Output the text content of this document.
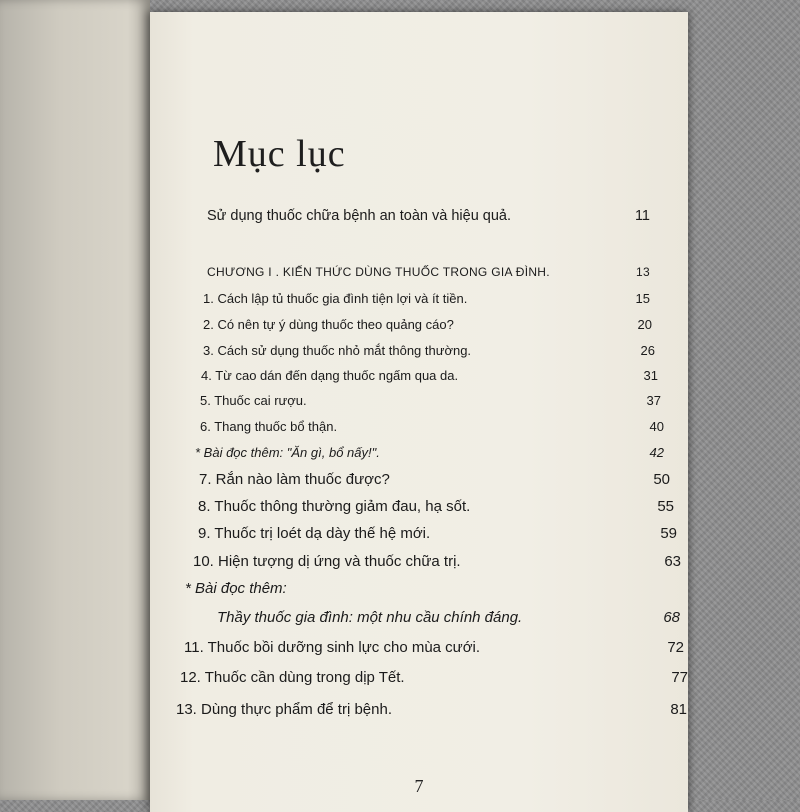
Mục lục
Sử dụng thuốc chữa bệnh an toàn và hiệu quả.	11
CHƯƠNG I . KIẾN THỨC DÙNG THUỐC TRONG GIA ĐÌNH.	13
1. Cách lập tủ thuốc gia đình tiện lợi và ít tiền.	15
2. Có nên tự ý dùng thuốc theo quảng cáo?	20
3. Cách sử dụng thuốc nhỏ mắt thông thường.	26
4. Từ cao dán đến dạng thuốc ngấm qua da.	31
5. Thuốc cai rượu.	37
6. Thang thuốc bổ thận.	40
* Bài đọc thêm: "Ăn gì, bổ nấy!".	42
7. Rắn nào làm thuốc được?	50
8. Thuốc thông thường giảm đau, hạ sốt.	55
9. Thuốc trị loét dạ dày thế hệ mới.	59
10. Hiện tượng dị ứng và thuốc chữa trị.	63
* Bài đọc thêm:
Thầy thuốc gia đình: một nhu cầu chính đáng.	68
11. Thuốc bồi dưỡng sinh lực cho mùa cưới.	72
12. Thuốc cần dùng trong dịp Tết.	77
13. Dùng thực phẩm để trị bệnh.	81
7
